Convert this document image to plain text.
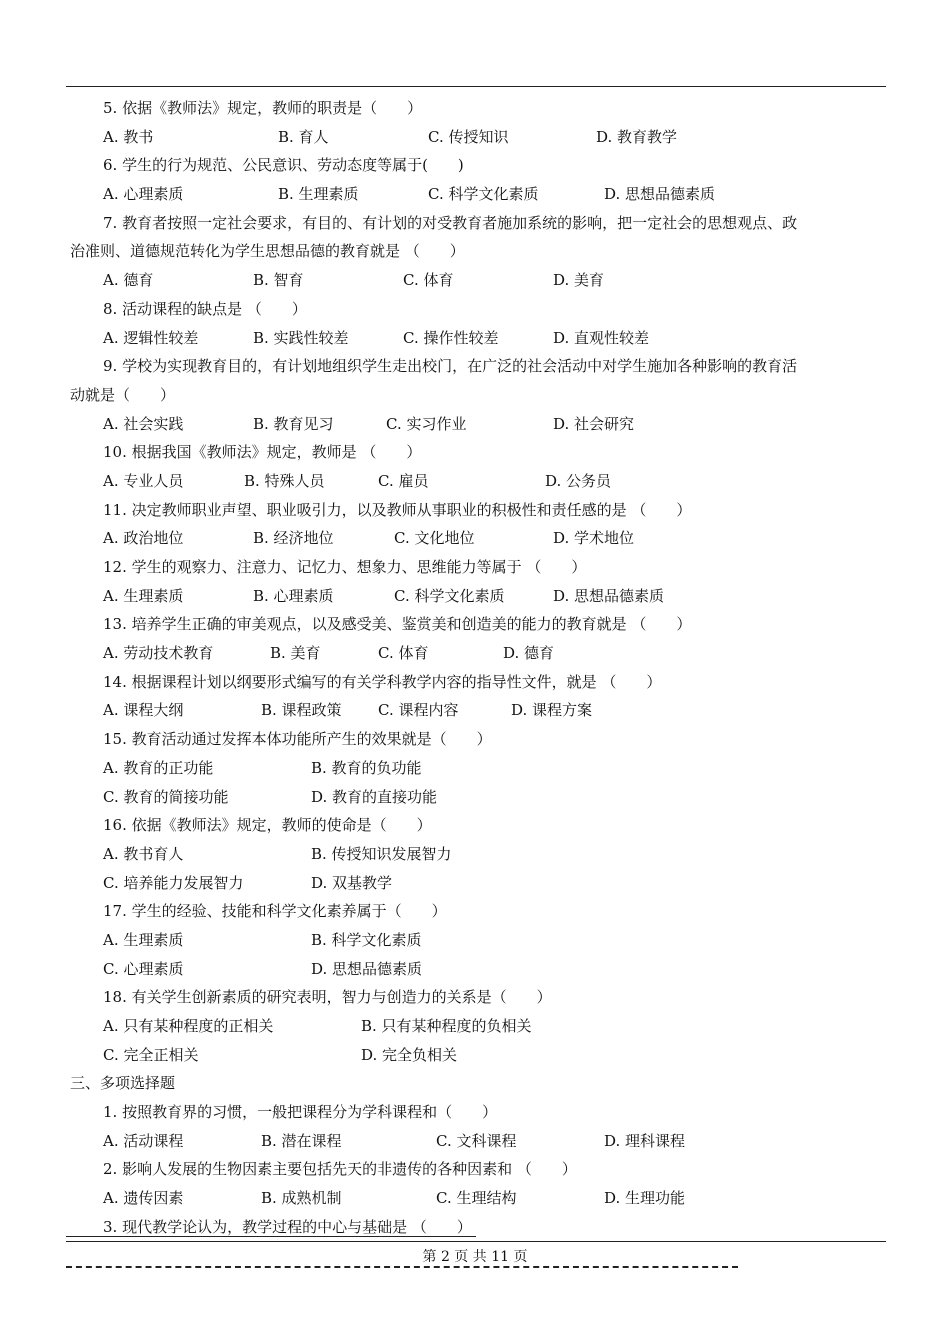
5. 依据《教师法》规定，教师的职责是（　　）
A. 教书	B. 育人	C. 传授知识	D. 教育教学
6. 学生的行为规范、公民意识、劳动态度等属于(　　)
A. 心理素质	B. 生理素质	C. 科学文化素质	D. 思想品德素质
7. 教育者按照一定社会要求，有目的、有计划的对受教育者施加系统的影响，把一定社会的思想观点、政
治准则、道德规范转化为学生思想品德的教育就是 （　　）
A. 德育	B. 智育	C. 体育	D. 美育
8. 活动课程的缺点是 （　　）
A. 逻辑性较差	B. 实践性较差	C. 操作性较差	D. 直观性较差
9. 学校为实现教育目的，有计划地组织学生走出校门，在广泛的社会活动中对学生施加各种影响的教育活
动就是（　　）
A. 社会实践	B. 教育见习	C. 实习作业	D. 社会研究
10. 根据我国《教师法》规定，教师是 （　　）
A. 专业人员	B. 特殊人员	C. 雇员	D. 公务员
11. 决定教师职业声望、职业吸引力，以及教师从事职业的积极性和责任感的是 （　　）
A. 政治地位	B. 经济地位	C. 文化地位	D. 学术地位
12. 学生的观察力、注意力、记忆力、想象力、思维能力等属于 （　　）
A. 生理素质	B. 心理素质	C. 科学文化素质	D. 思想品德素质
13. 培养学生正确的审美观点，以及感受美、鉴赏美和创造美的能力的教育就是 （　　）
A. 劳动技术教育	B. 美育	C. 体育	D. 德育
14. 根据课程计划以纲要形式编写的有关学科教学内容的指导性文件，就是 （　　）
A. 课程大纲	B. 课程政策 C. 课程内容	D. 课程方案
15. 教育活动通过发挥本体功能所产生的效果就是（　　）
A. 教育的正功能	B. 教育的负功能
C. 教育的简接功能	D. 教育的直接功能
16. 依据《教师法》规定，教师的使命是（　　）
A. 教书育人	B. 传授知识发展智力
C. 培养能力发展智力	D. 双基教学
17. 学生的经验、技能和科学文化素养属于（　　）
A. 生理素质	B. 科学文化素质
C. 心理素质	D. 思想品德素质
18. 有关学生创新素质的研究表明，智力与创造力的关系是（　　）
A. 只有某种程度的正相关	B. 只有某种程度的负相关
C. 完全正相关	D. 完全负相关
三、多项选择题
1. 按照教育界的习惯，一般把课程分为学科课程和（　　）
A. 活动课程	B. 潜在课程	C. 文科课程	D. 理科课程
2. 影响人发展的生物因素主要包括先天的非遗传的各种因素和 （　　）
A. 遗传因素	B. 成熟机制	C. 生理结构	D. 生理功能
3. 现代教学论认为，教学过程的中心与基础是 （　　）
第 2 页 共 11 页
